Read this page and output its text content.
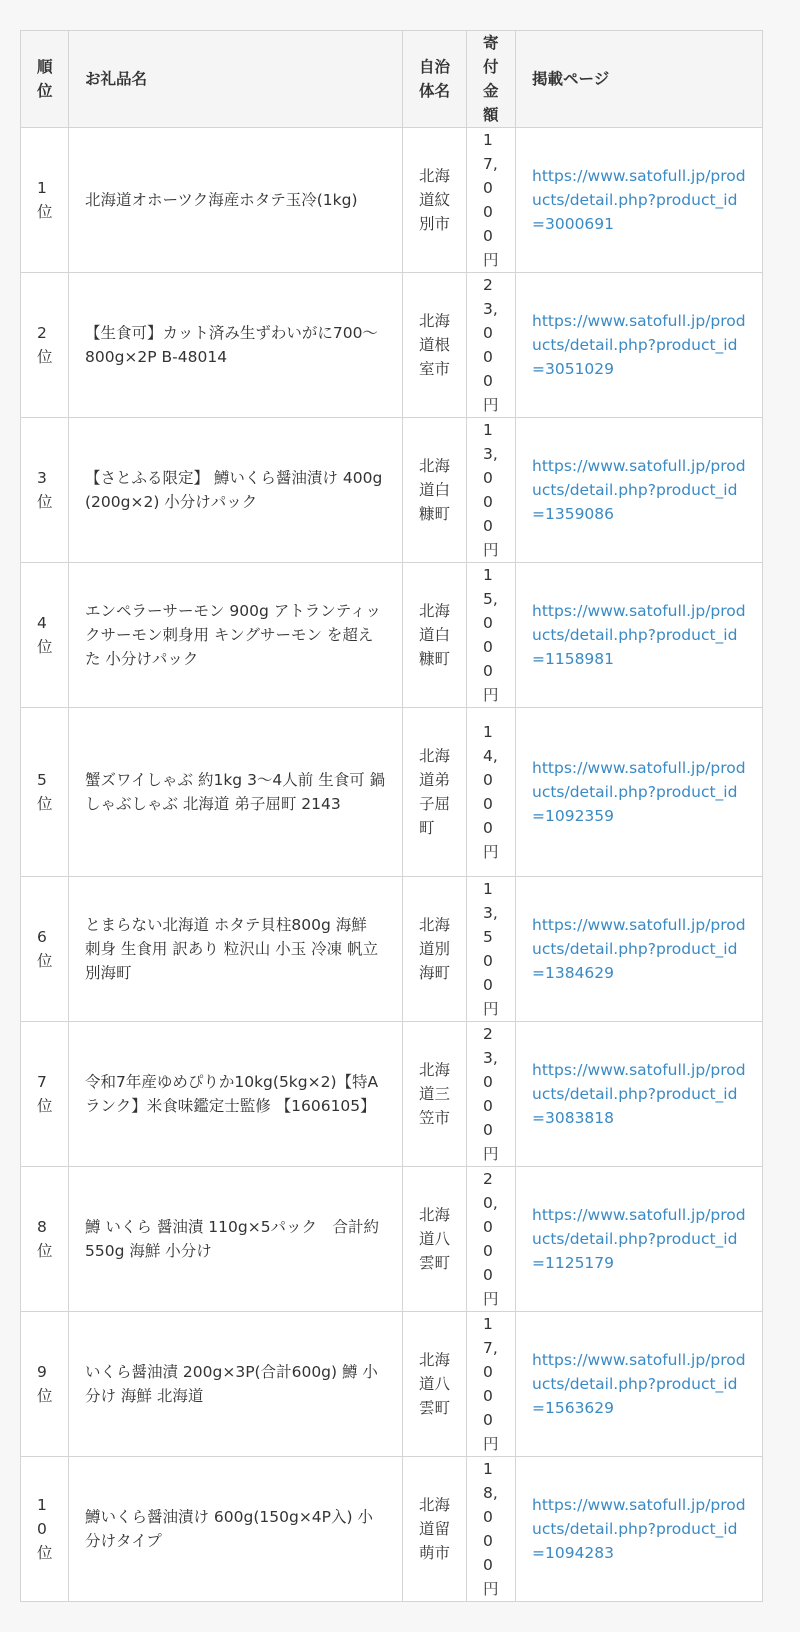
順位	お礼品名	自治体名	寄付金額	掲載ページ
1位	北海道オホーツク海産ホタテ玉冷(1kg)	北海道紋別市	17,000円	https://www.satofull.jp/products/detail.php?product_id=3000691
2位	【生食可】カット済み生ずわいがに700〜800g×2P B-48014	北海道根室市	23,000円	https://www.satofull.jp/products/detail.php?product_id=3051029
3位	【さとふる限定】 鱒いくら醤油漬け 400g(200g×2) 小分けパック	北海道白糠町	13,000円	https://www.satofull.jp/products/detail.php?product_id=1359086
4位	エンペラーサーモン 900g アトランティックサーモン刺身用 キングサーモン を超えた 小分けパック	北海道白糠町	15,000円	https://www.satofull.jp/products/detail.php?product_id=1158981
5位	蟹ズワイしゃぶ 約1kg 3〜4人前 生食可 鍋 しゃぶしゃぶ 北海道 弟子屈町 2143	北海道弟子屈町	14,000円	https://www.satofull.jp/products/detail.php?product_id=1092359
6位	とまらない北海道 ホタテ貝柱800g 海鮮 刺身 生食用 訳あり 粒沢山 小玉 冷凍 帆立 別海町	北海道別海町	13,500円	https://www.satofull.jp/products/detail.php?product_id=1384629
7位	令和7年産ゆめぴりか10kg(5kg×2)【特Aランク】米食味鑑定士監修 【1606105】	北海道三笠市	23,000円	https://www.satofull.jp/products/detail.php?product_id=3083818
8位	鱒 いくら 醤油漬 110g×5パック　合計約550g 海鮮 小分け	北海道八雲町	20,000円	https://www.satofull.jp/products/detail.php?product_id=1125179
9位	いくら醤油漬 200g×3P(合計600g) 鱒 小分け 海鮮 北海道	北海道八雲町	17,000円	https://www.satofull.jp/products/detail.php?product_id=1563629
10位	鱒いくら醤油漬け 600g(150g×4P入) 小分けタイプ	北海道留萌市	18,000円	https://www.satofull.jp/products/detail.php?product_id=1094283
